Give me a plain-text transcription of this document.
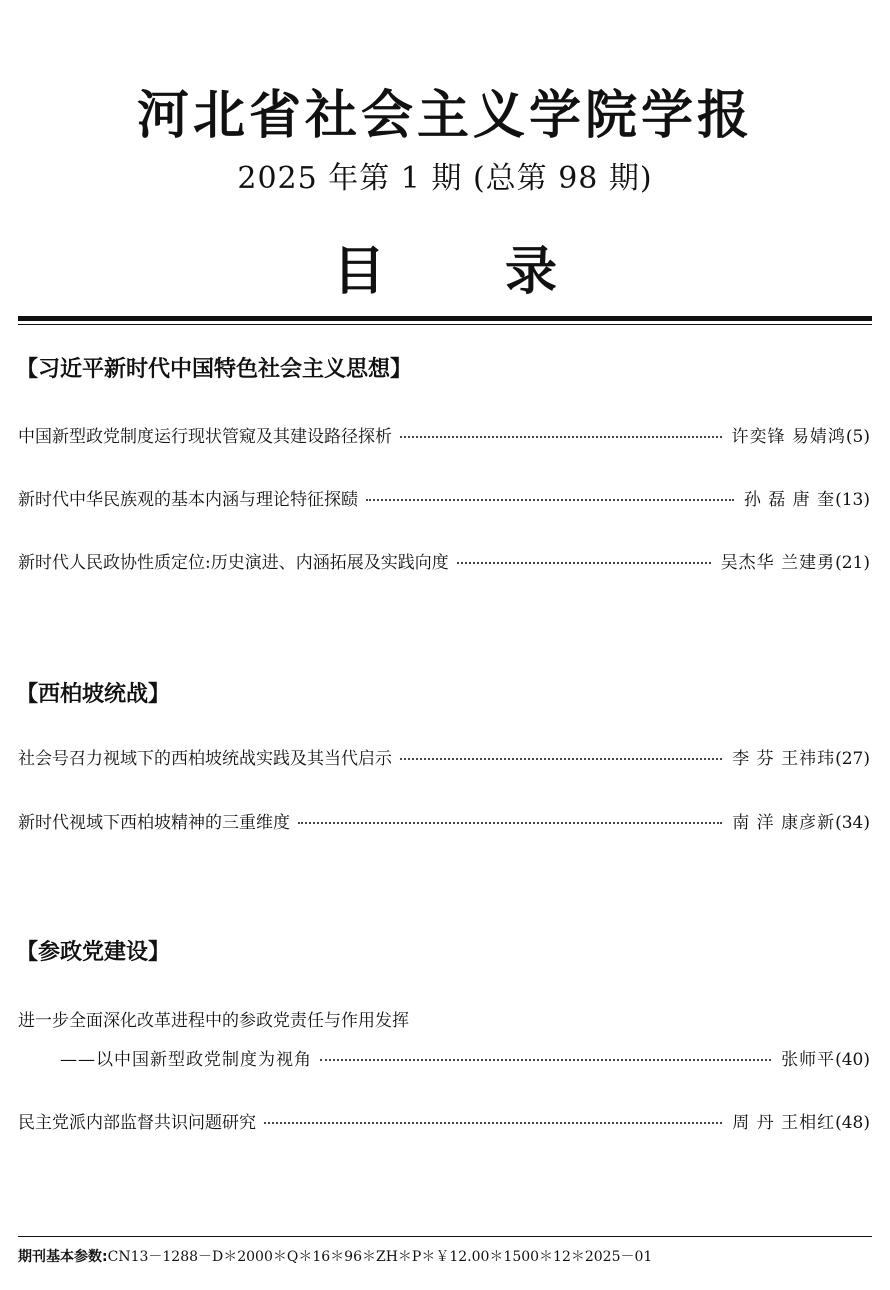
河北省社会主义学院学报
2025 年第 1 期 (总第 98 期)
目 录
【习近平新时代中国特色社会主义思想】
中国新型政党制度运行现状管窥及其建设路径探析	许奕锋 易婧鸿 (5)
新时代中华民族观的基本内涵与理论特征探赜	孙 磊 唐 奎 (13)
新时代人民政协性质定位:历史演进、内涵拓展及实践向度	吴杰华 兰建勇 (21)
【西柏坡统战】
社会号召力视域下的西柏坡统战实践及其当代启示	李 芬 王祎玮 (27)
新时代视域下西柏坡精神的三重维度	南 洋 康彦新 (34)
【参政党建设】
进一步全面深化改革进程中的参政党责任与作用发挥
——以中国新型政党制度为视角	张师平 (40)
民主党派内部监督共识问题研究	周 丹 王相红 (48)
期刊基本参数:CN13－1288－D＊2000＊Q＊16＊96＊ZH＊P＊￥12.00＊1500＊12＊2025－01
